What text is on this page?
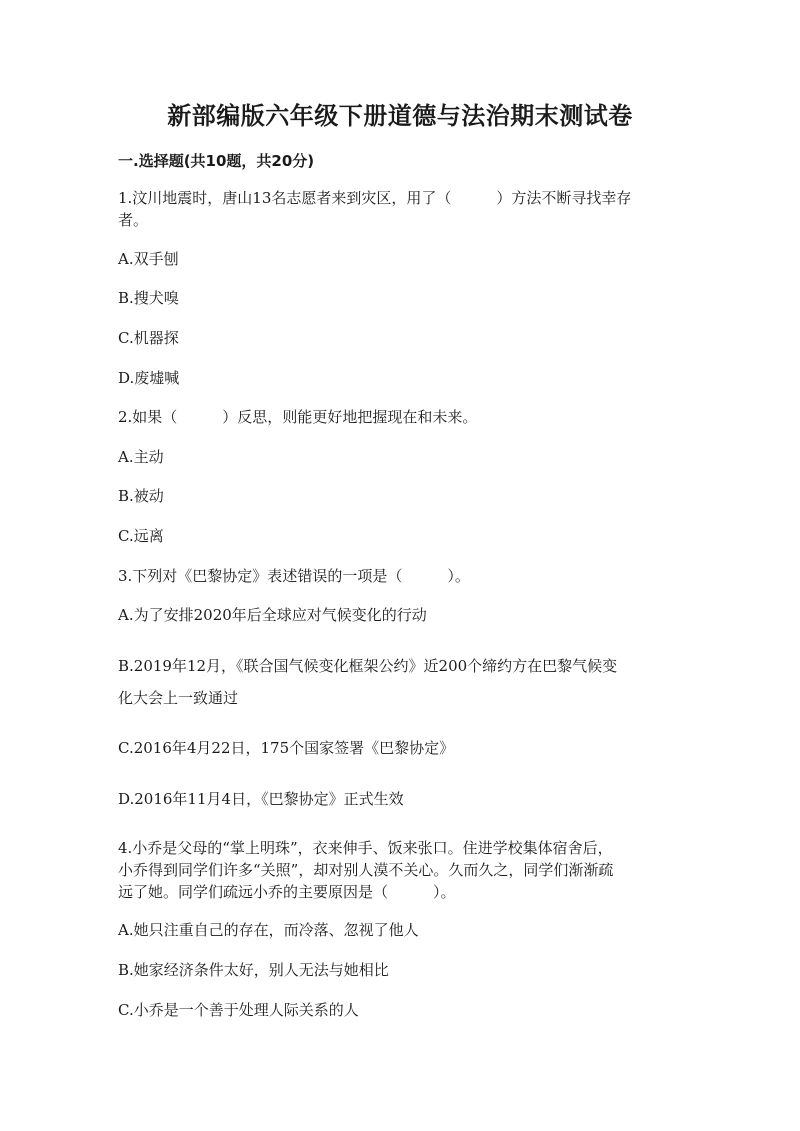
新部编版六年级下册道德与法治期末测试卷
一.选择题(共10题，共20分)
1.汶川地震时，唐山13名志愿者来到灾区，用了（　　　）方法不断寻找幸存
者。
A.双手刨
B.搜犬嗅
C.机器探
D.废墟喊
2.如果（　　　）反思，则能更好地把握现在和未来。
A.主动
B.被动
C.远离
3.下列对《巴黎协定》表述错误的一项是（　　　）。
A.为了安排2020年后全球应对气候变化的行动
B.2019年12月，《联合国气候变化框架公约》近200个缔约方在巴黎气候变
化大会上一致通过
C.2016年4月22日，175个国家签署《巴黎协定》
D.2016年11月4日，《巴黎协定》正式生效
4.小乔是父母的“掌上明珠”，衣来伸手、饭来张口。住进学校集体宿舍后，
小乔得到同学们许多“关照”，却对别人漠不关心。久而久之，同学们渐渐疏
远了她。同学们疏远小乔的主要原因是（　　　）。
A.她只注重自己的存在，而冷落、忽视了他人
B.她家经济条件太好，别人无法与她相比
C.小乔是一个善于处理人际关系的人
